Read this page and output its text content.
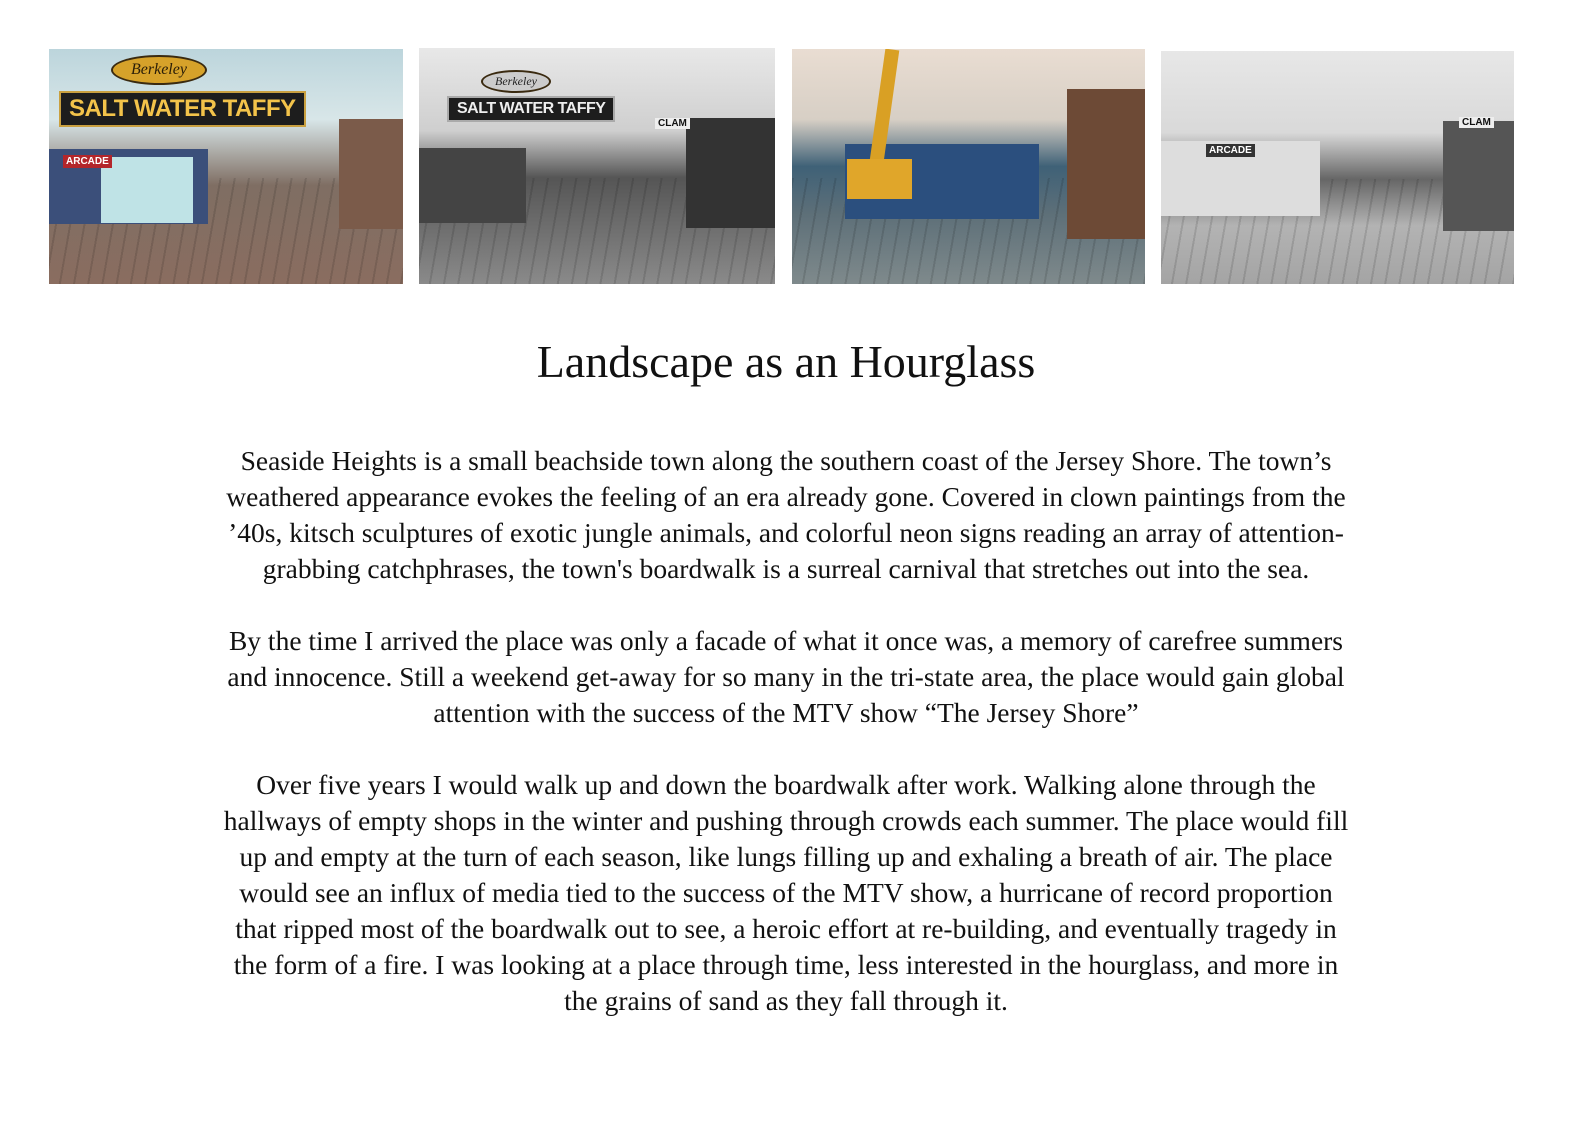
Berkeley
SALT WATER TAFFY
ARCADE
Berkeley
SALT WATER TAFFY
CLAM
ARCADE
CLAM
Landscape as an Hourglass

Seaside Heights is a small beachside town along the southern coast of the Jersey Shore. The town’s weathered appearance evokes the feeling of an era already gone. Covered in clown paintings from the ’40s, kitsch sculptures of exotic jungle animals, and colorful neon signs reading an array of attention-grabbing catchphrases, the town's boardwalk is a surreal carnival that stretches out into the sea.

By the time I arrived the place was only a facade of what it once was, a memory of carefree summers and innocence. Still a weekend get-away for so many in the tri-state area, the place would gain global attention with the success of the MTV show “The Jersey Shore”

Over five years I would walk up and down the boardwalk after work. Walking alone through the hallways of empty shops in the winter and pushing through crowds each summer. The place would fill up and empty at the turn of each season, like lungs filling up and exhaling a breath of air. The place would see an influx of media tied to the success of the MTV show, a hurricane of record proportion that ripped most of the boardwalk out to see, a heroic effort at re-building, and eventually tragedy in the form of a fire. I was looking at a place through time, less interested in the hourglass, and more in the grains of sand as they fall through it.
